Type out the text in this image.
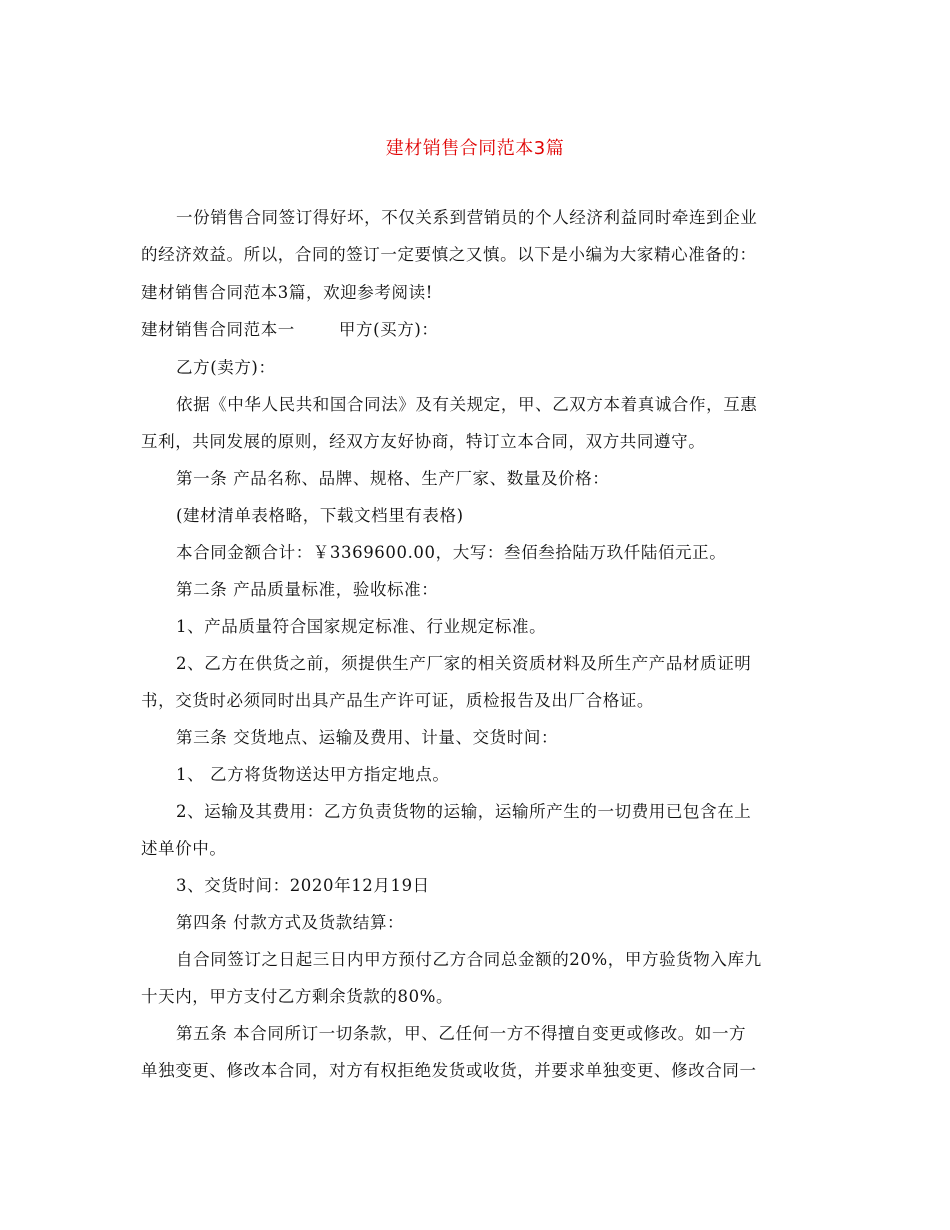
建材销售合同范本3篇
一份销售合同签订得好坏，不仅关系到营销员的个人经济利益同时牵连到企业
的经济效益。所以，合同的签订一定要慎之又慎。以下是小编为大家精心准备的：
建材销售合同范本3篇，欢迎参考阅读!
建材销售合同范本一	甲方(买方)：
乙方(卖方)：
依据《中华人民共和国合同法》及有关规定，甲、乙双方本着真诚合作，互惠
互利，共同发展的原则，经双方友好协商，特订立本合同，双方共同遵守。
第一条 产品名称、品牌、规格、生产厂家、数量及价格：
(建材清单表格略，下载文档里有表格)
本合同金额合计：￥3369600.00，大写：叁佰叁拾陆万玖仟陆佰元正。
第二条 产品质量标准，验收标准：
1、产品质量符合国家规定标准、行业规定标准。
2、乙方在供货之前，须提供生产厂家的相关资质材料及所生产产品材质证明
书，交货时必须同时出具产品生产许可证，质检报告及出厂合格证。
第三条 交货地点、运输及费用、计量、交货时间：
1、 乙方将货物送达甲方指定地点。
2、运输及其费用：乙方负责货物的运输，运输所产生的一切费用已包含在上
述单价中。
3、交货时间：2020年12月19日
第四条 付款方式及货款结算：
自合同签订之日起三日内甲方预付乙方合同总金额的20%，甲方验货物入库九
十天内，甲方支付乙方剩余货款的80%。
第五条 本合同所订一切条款，甲、乙任何一方不得擅自变更或修改。如一方
单独变更、修改本合同，对方有权拒绝发货或收货，并要求单独变更、修改合同一
